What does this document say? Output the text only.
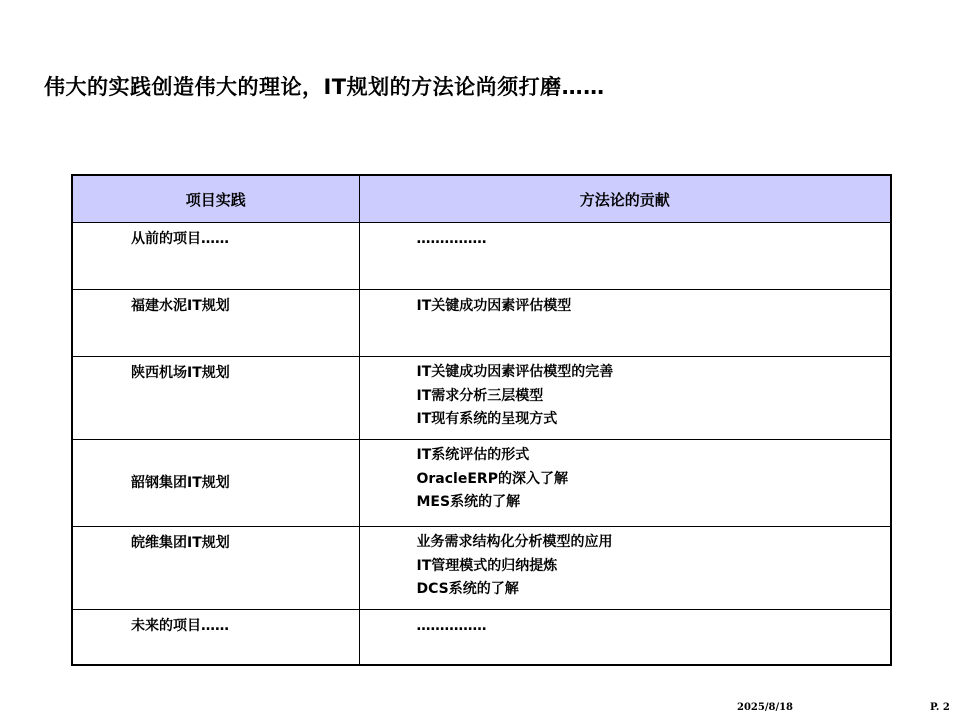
伟大的实践创造伟大的理论，IT规划的方法论尚须打磨……
项目实践	方法论的贡献

从前的项目……	……………

福建水泥IT规划	IT关键成功因素评估模型

陕西机场IT规划	IT关键成功因素评估模型的完善
IT需求分析三层模型
IT现有系统的呈现方式

韶钢集团IT规划	IT系统评估的形式
OracleERP的深入了解
MES系统的了解

皖维集团IT规划	业务需求结构化分析模型的应用
IT管理模式的归纳提炼
DCS系统的了解

未来的项目……	……………
2025/8/18	P. 2
